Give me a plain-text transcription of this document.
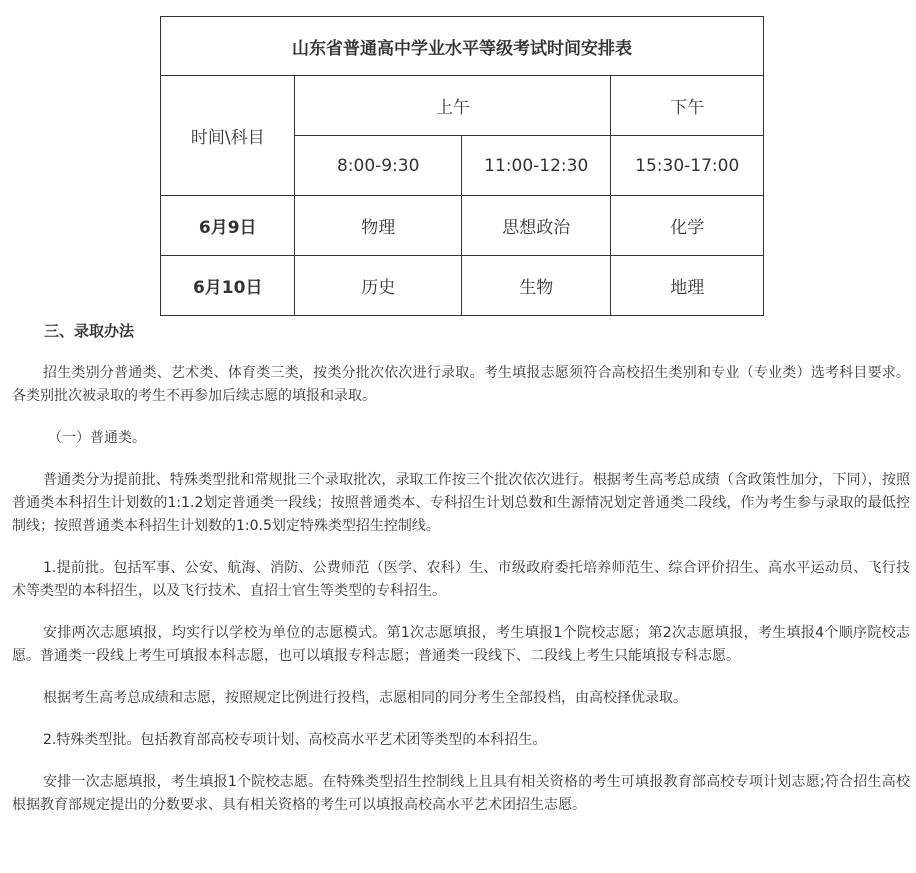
山东省普通高中学业水平等级考试时间安排表			
时间\科目	上午		下午
	8:00-9:30	11:00-12:30	15:30-17:00
6月9日	物理	思想政治	化学
6月10日	历史	生物	地理

三、录取办法

招生类别分普通类、艺术类、体育类三类，按类分批次依次进行录取。考生填报志愿须符合高校招生类别和专业（专业类）选考科目要求。各类别批次被录取的考生不再参加后续志愿的填报和录取。

（一）普通类。

普通类分为提前批、特殊类型批和常规批三个录取批次，录取工作按三个批次依次进行。根据考生高考总成绩（含政策性加分，下同），按照普通类本科招生计划数的1:1.2划定普通类一段线；按照普通类本、专科招生计划总数和生源情况划定普通类二段线，作为考生参与录取的最低控制线；按照普通类本科招生计划数的1:0.5划定特殊类型招生控制线。

1.提前批。包括军事、公安、航海、消防、公费师范（医学、农科）生、市级政府委托培养师范生、综合评价招生、高水平运动员、飞行技术等类型的本科招生，以及飞行技术、直招士官生等类型的专科招生。

安排两次志愿填报，均实行以学校为单位的志愿模式。第1次志愿填报，考生填报1个院校志愿；第2次志愿填报，考生填报4个顺序院校志愿。普通类一段线上考生可填报本科志愿，也可以填报专科志愿；普通类一段线下、二段线上考生只能填报专科志愿。

根据考生高考总成绩和志愿，按照规定比例进行投档，志愿相同的同分考生全部投档，由高校择优录取。

2.特殊类型批。包括教育部高校专项计划、高校高水平艺术团等类型的本科招生。

安排一次志愿填报，考生填报1个院校志愿。在特殊类型招生控制线上且具有相关资格的考生可填报教育部高校专项计划志愿;符合招生高校根据教育部规定提出的分数要求、具有相关资格的考生可以填报高校高水平艺术团招生志愿。
